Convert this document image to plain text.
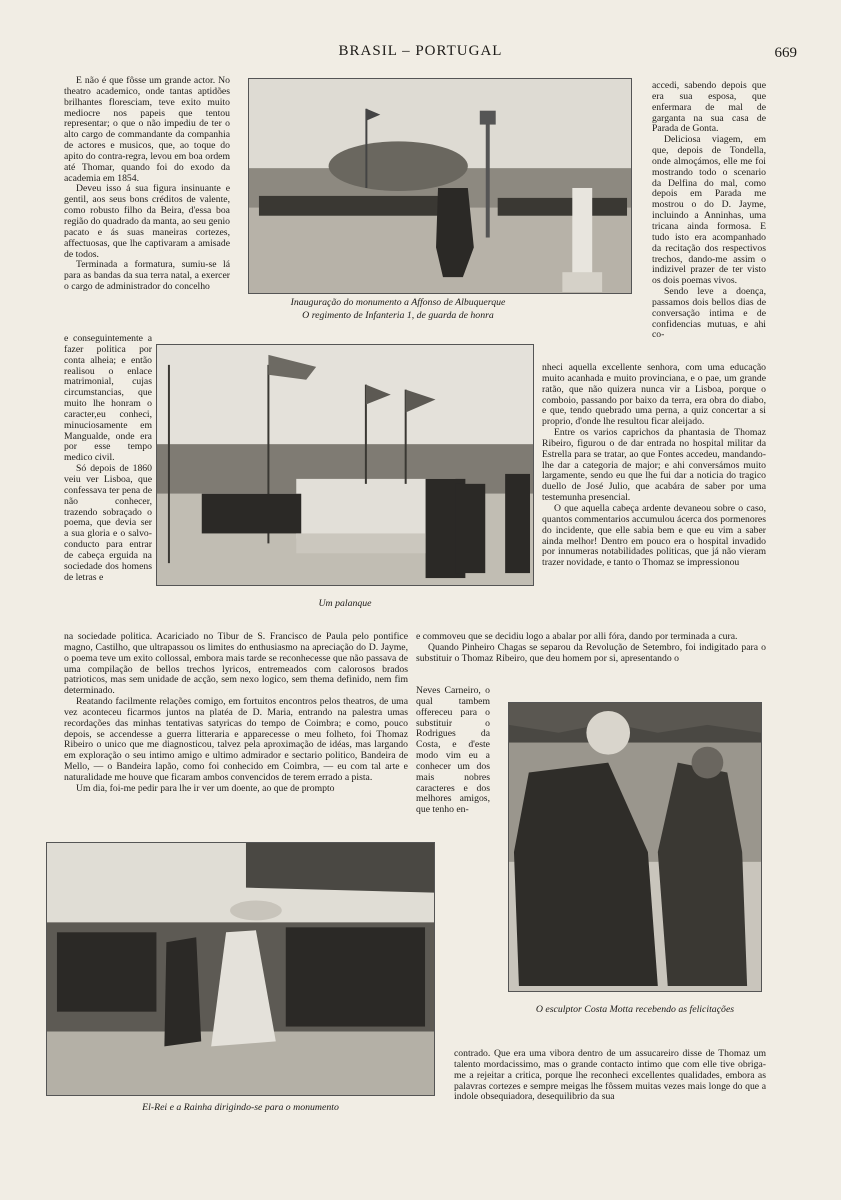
BRASIL – PORTUGAL	669

E não é que fôsse um grande actor. No theatro academico, onde tantas aptidões brilhantes floresciam, teve exito muito mediocre nos papeis que tentou representar; o que o não impediu de ter o alto cargo de commandante da companhia de actores e musicos, que, ao toque do apito do contra-regra, levou em boa ordem até Thomar, quando foi do exodo da academia em 1854.

Deveu isso á sua figura insinuante e gentil, aos seus bons créditos de valente, como robusto filho da Beira, d'essa boa região do quadrado da manta, ao seu genio pacato e ás suas maneiras cortezes, affectuosas, que lhe captivaram a amisade de todos.

Terminada a formatura, sumiu-se lá para as bandas da sua terra natal, a exercer o cargo de administrador do concelho

Inauguração do monumento a Affonso de Albuquerque
O regimento de Infanteria 1, de guarda de honra

accedi, sabendo depois que era sua esposa, que enfermara de mal de garganta na sua casa de Parada de Gonta.

Deliciosa viagem, em que, depois de Tondella, onde almoçámos, elle me foi mostrando todo o scenario da Delfina do mal, como depois em Parada me mostrou o do D. Jayme, incluindo a Anninhas, uma tricana ainda formosa. E tudo isto era acompanhado da recitação dos respectivos trechos, dando-me assim o indizivel prazer de ter visto os dois poemas vivos.

Sendo leve a doença, passamos dois bellos dias de conversação intima e de confidencias mutuas, e ahi co-

e conseguintemente a fazer politica por conta alheia; e então realisou o enlace matrimonial, cujas circumstancias, que muito lhe honram o caracter,eu conheci, minuciosamente em Mangualde, onde era por esse tempo medico civil.

Só depois de 1860 veiu ver Lisboa, que confessava ter pena de não conhecer, trazendo sobraçado o poema, que devia ser a sua gloria e o salvo-conducto para entrar de cabeça erguida na sociedade dos homens de letras e

Um palanque

nheci aquella excellente senhora, com uma educação muito acanhada e muito provinciana, e o pae, um grande ratão, que não quizera nunca vir a Lisboa, porque o comboio, passando por baixo da terra, era obra do diabo, e que, tendo quebrado uma perna, a quiz concertar a si proprio, d'onde lhe resultou ficar aleijado.

Entre os varios caprichos da phantasia de Thomaz Ribeiro, figurou o de dar entrada no hospital militar da Estrella para se tratar, ao que Fontes accedeu, mandando-lhe dar a categoria de major; e ahi conversámos muito largamente, sendo eu que lhe fui dar a noticia do tragico duello de José Julio, que acabára de saber por uma testemunha presencial.

O que aquella cabeça ardente devaneou sobre o caso, quantos commentarios accumulou ácerca dos pormenores do incidente, que elle sabia bem e que eu vim a saber ainda melhor! Dentro em pouco era o hospital invadido por innumeras notabilidades politicas, que já não vieram trazer novidade, e tanto o Thomaz se impressionou

na sociedade politica. Acariciado no Tibur de S. Francisco de Paula pelo pontifice magno, Castilho, que ultrapassou os limites do enthusiasmo na apreciação do D. Jayme, o poema teve um exito collossal, embora mais tarde se reconhecesse que não passava de uma compilação de bellos trechos lyricos, entremeados com calorosos brados patrioticos, mas sem unidade de acção, sem nexo logico, sem thema definido, nem fim determinado.

Reatando facilmente relações comigo, em fortuitos encontros pelos theatros, de uma vez aconteceu ficarmos juntos na platéa de D. Maria, entrando na palestra umas recordações das minhas tentativas satyricas do tempo de Coimbra; e como, pouco depois, se accendesse a guerra litteraria e apparecesse o meu folheto, foi Thomaz Ribeiro o unico que me diagnosticou, talvez pela aproximação de idéas, mas largando em exploração o seu intimo amigo e ultimo admirador e sectario politico, Bandeira de Mello, — o Bandeira lapão, como foi conhecido em Coimbra, — eu com tal arte e naturalidade me houve que ficaram ambos convencidos de terem errado a pista.

Um dia, foi-me pedir para lhe ir ver um doente, ao que de prompto

e commoveu que se decidiu logo a abalar por alli fóra, dando por terminada a cura.

Quando Pinheiro Chagas se separou da Revolução de Setembro, foi indigitado para o substituir o Thomaz Ribeiro, que deu homem por si, apresentando o

Neves Carneiro, o qual tambem offereceu para o substituir o Rodrigues da Costa, e d'este modo vim eu a conhecer um dos mais nobres caracteres e dos melhores amigos, que tenho en-

O esculptor Costa Motta recebendo as felicitações
El-Rei e a Rainha dirigindo-se para o monumento

contrado. Que era uma vibora dentro de um assucareiro disse de Thomaz um talento mordacissimo, mas o grande contacto intimo que com elle tive obriga-me a rejeitar a critica, porque lhe reconheci excellentes qualidades, embora as palavras cortezes e sempre meigas lhe fôssem muitas vezes mais longe do que a indole obsequiadora, desequilibrio da sua
